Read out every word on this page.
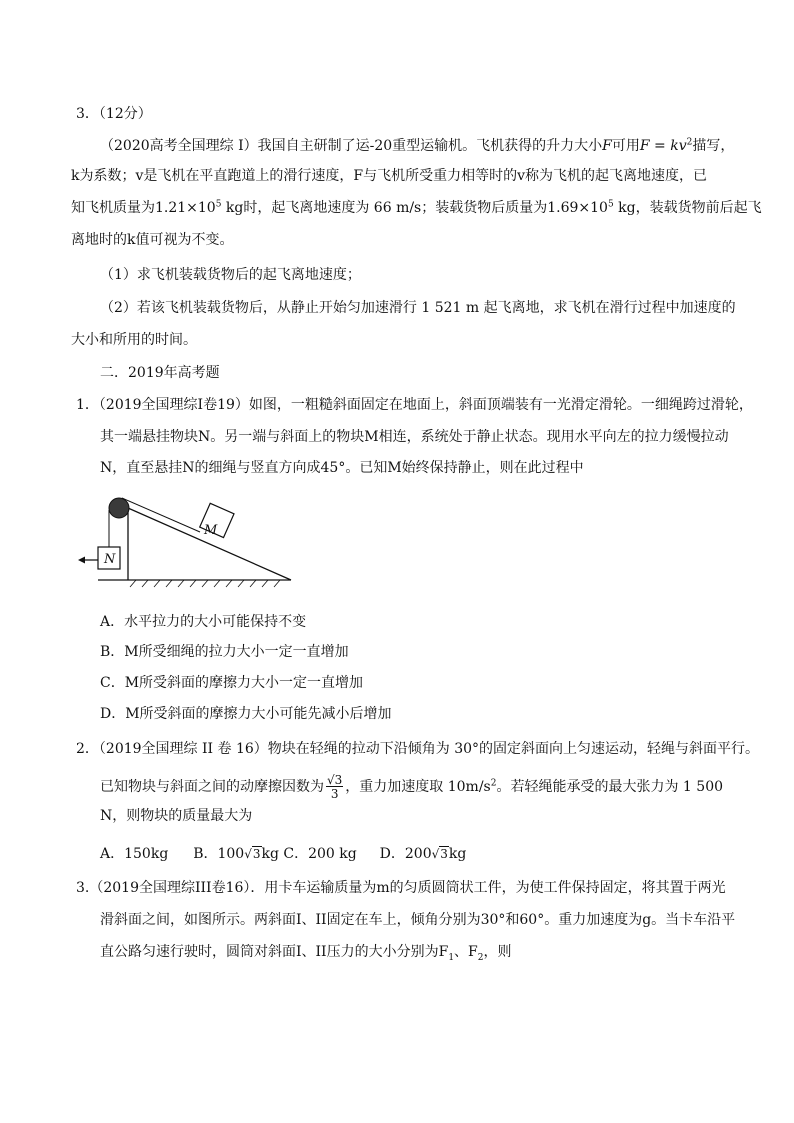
3．（12分）
（2020高考全国理综 I）我国自主研制了运-20重型运输机。飞机获得的升力大小F可用$F = kv^2$描写，
k为系数；v是飞机在平直跑道上的滑行速度，F与飞机所受重力相等时的v称为飞机的起飞离地速度，已
知飞机质量为$1.21\times 10^5$ kg时，起飞离地速度为 66 m/s；装载货物后质量为$1.69\times 10^5$ kg，装载货物前后起飞
离地时的k值可视为不变。
（1）求飞机装载货物后的起飞离地速度；
（2）若该飞机装载货物后，从静止开始匀加速滑行 1 521 m 起飞离地，求飞机在滑行过程中加速度的
大小和所用的时间。
二．2019年高考题
1．（2019全国理综I卷19）如图，一粗糙斜面固定在地面上，斜面顶端装有一光滑定滑轮。一细绳跨过滑轮，
其一端悬挂物块N。另一端与斜面上的物块M相连，系统处于静止状态。现用水平向左的拉力缓慢拉动
N，直至悬挂N的细绳与竖直方向成45°。已知M始终保持静止，则在此过程中
M
N
A．水平拉力的大小可能保持不变
B．M所受细绳的拉力大小一定一直增加
C．M所受斜面的摩擦力大小一定一直增加
D．M所受斜面的摩擦力大小可能先减小后增加
2．（2019全国理综 II 卷 16）物块在轻绳的拉动下沿倾角为 30°的固定斜面向上匀速运动，轻绳与斜面平行。
已知物块与斜面之间的动摩擦因数为 $\frac{√3}{3}$ ，重力加速度取 $10m/s^2$。若轻绳能承受的最大张力为 1 500
N，则物块的质量最大为
A．150kg B．100√3kg C．200 kg D．200√3kg
3.（2019全国理综III卷16）．用卡车运输质量为m的匀质圆筒状工件，为使工件保持固定，将其置于两光
滑斜面之间，如图所示。两斜面I、II固定在车上，倾角分别为30°和60°。重力加速度为g。当卡车沿平
直公路匀速行驶时，圆筒对斜面I、II压力的大小分别为$F_1$、$F_2$，则
